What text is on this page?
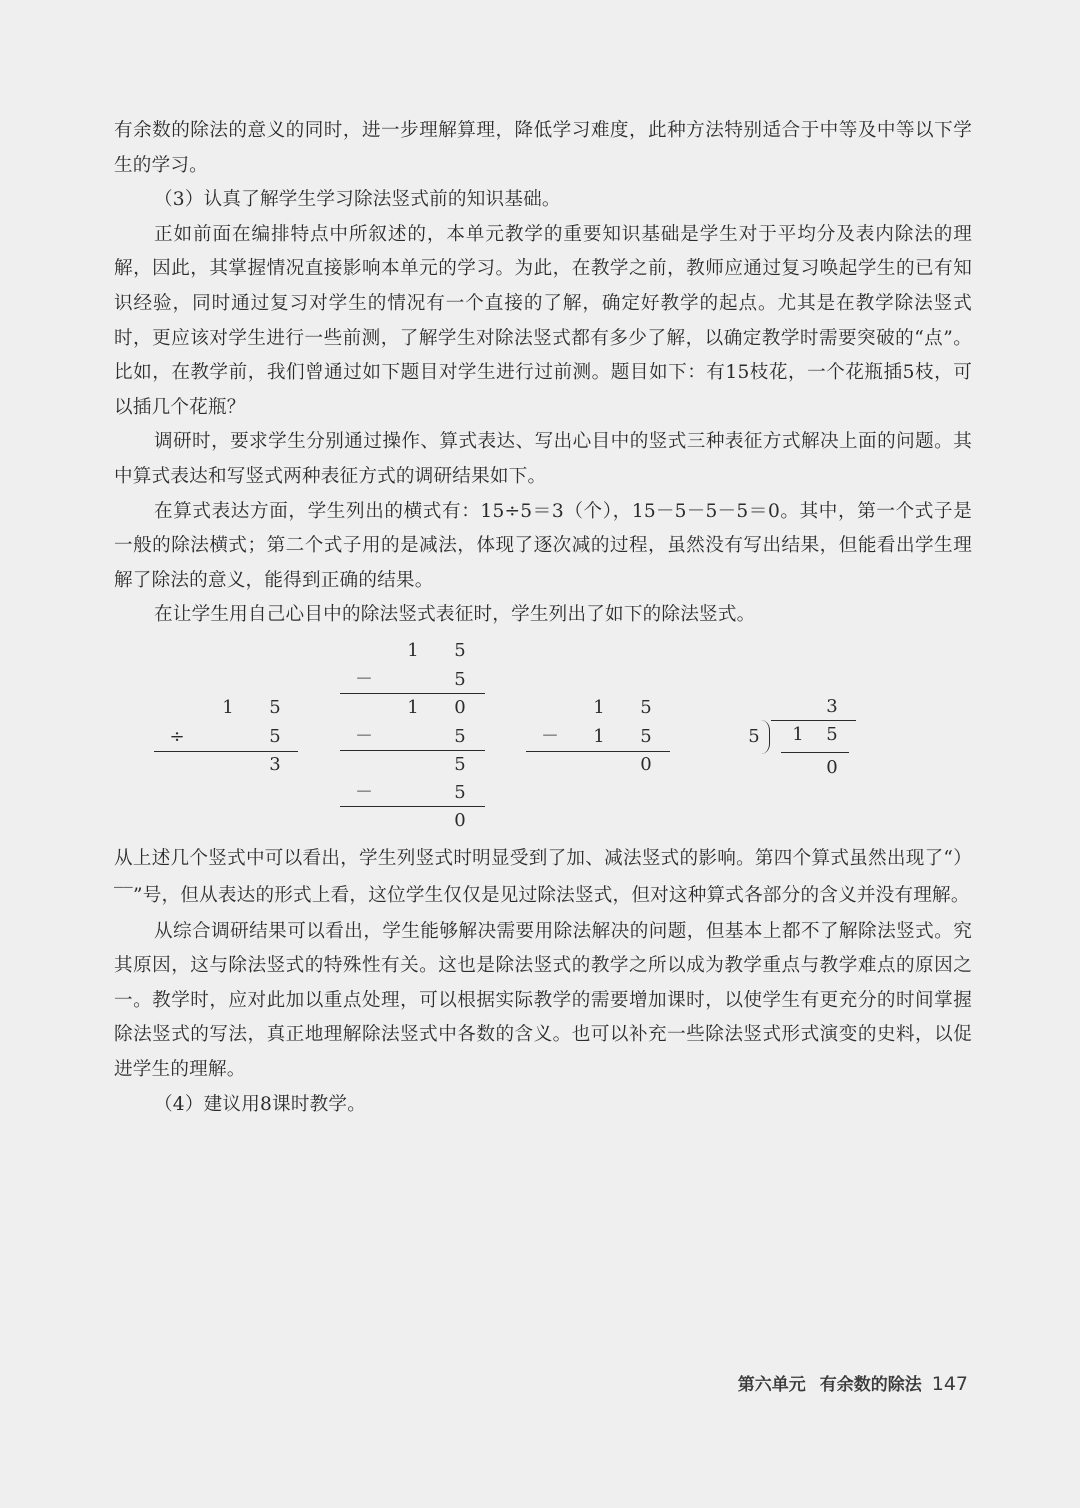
有余数的除法的意义的同时，进一步理解算理，降低学习难度，此种方法特别适合于中等及中等以下学生的学习。

（3）认真了解学生学习除法竖式前的知识基础。

正如前面在编排特点中所叙述的，本单元教学的重要知识基础是学生对于平均分及表内除法的理解，因此，其掌握情况直接影响本单元的学习。为此，在教学之前，教师应通过复习唤起学生的已有知识经验，同时通过复习对学生的情况有一个直接的了解，确定好教学的起点。尤其是在教学除法竖式时，更应该对学生进行一些前测，了解学生对除法竖式都有多少了解，以确定教学时需要突破的“点”。比如，在教学前，我们曾通过如下题目对学生进行过前测。题目如下：有15枝花，一个花瓶插5枝，可以插几个花瓶？

调研时，要求学生分别通过操作、算式表达、写出心目中的竖式三种表征方式解决上面的问题。其中算式表达和写竖式两种表征方式的调研结果如下。

在算式表达方面，学生列出的横式有：15÷5＝3（个），15－5－5－5＝0。其中，第一个式子是一般的除法横式；第二个式子用的是减法，体现了逐次减的过程，虽然没有写出结果，但能看出学生理解了除法的意义，能得到正确的结果。

在让学生用自己心目中的除法竖式表征时，学生列出了如下的除法竖式。

1 5
÷	5
3
1 5
－	5
1 0
－	5
5
－	5
0
1 5
－ 1 5
0
3
5 1 5
0

从上述几个竖式中可以看出，学生列竖式时明显受到了加、减法竖式的影响。第四个算式虽然出现了“）‾‾”号，但从表达的形式上看，这位学生仅仅是见过除法竖式，但对这种算式各部分的含义并没有理解。

从综合调研结果可以看出，学生能够解决需要用除法解决的问题，但基本上都不了解除法竖式。究其原因，这与除法竖式的特殊性有关。这也是除法竖式的教学之所以成为教学重点与教学难点的原因之一。教学时，应对此加以重点处理，可以根据实际教学的需要增加课时，以使学生有更充分的时间掌握除法竖式的写法，真正地理解除法竖式中各数的含义。也可以补充一些除法竖式形式演变的史料，以促进学生的理解。

（4）建议用8课时教学。

第六单元 有余数的除法 147
